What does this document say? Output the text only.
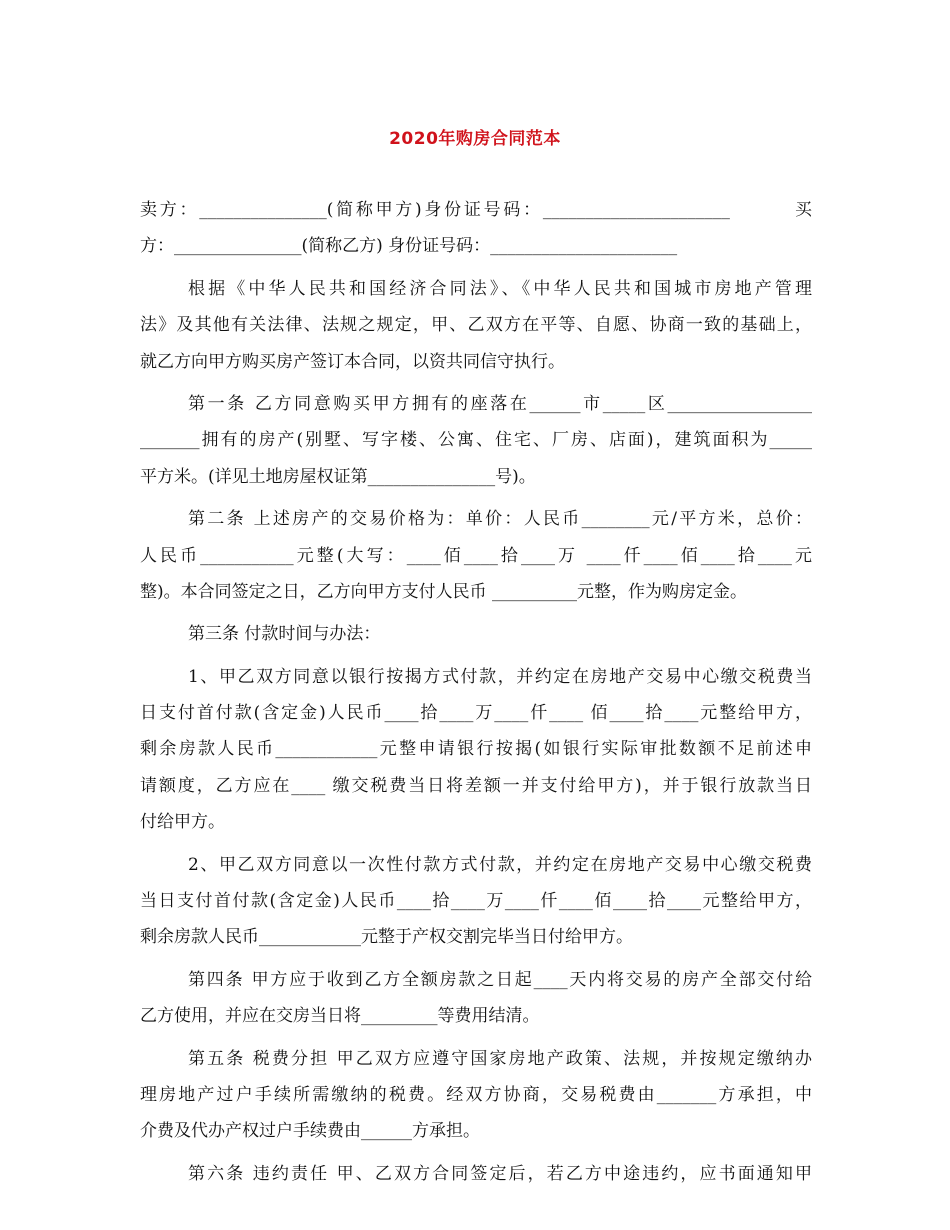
2020年购房合同范本
卖方：_______________(简称甲方)身份证号码：______________________        买
方：_______________(简称乙方) 身份证号码：______________________
根据《中华人民共和国经济合同法》、《中华人民共和国城市房地产管理
法》及其他有关法律、法规之规定，甲、乙双方在平等、自愿、协商一致的基础上，
就乙方向甲方购买房产签订本合同，以资共同信守执行。
第一条 乙方同意购买甲方拥有的座落在______市_____区_________________
_______拥有的房产(别墅、写字楼、公寓、住宅、厂房、店面)，建筑面积为_____
平方米。(详见土地房屋权证第_______________号)。
第二条 上述房产的交易价格为：单价：人民币________元/平方米，总价：
人民币___________元整(大写：____佰____拾____万 ____仟____佰____拾____元
整)。本合同签定之日，乙方向甲方支付人民币 __________元整，作为购房定金。
第三条 付款时间与办法：
1、甲乙双方同意以银行按揭方式付款，并约定在房地产交易中心缴交税费当
日支付首付款(含定金)人民币____拾____万____仟____ 佰____拾____元整给甲方，
剩余房款人民币____________元整申请银行按揭(如银行实际审批数额不足前述申
请额度，乙方应在____ 缴交税费当日将差额一并支付给甲方)，并于银行放款当日
付给甲方。
2、甲乙双方同意以一次性付款方式付款，并约定在房地产交易中心缴交税费
当日支付首付款(含定金)人民币____拾____万____仟____佰____拾____元整给甲方，
剩余房款人民币____________元整于产权交割完毕当日付给甲方。
第四条 甲方应于收到乙方全额房款之日起____天内将交易的房产全部交付给
乙方使用，并应在交房当日将_________等费用结清。
第五条 税费分担 甲乙双方应遵守国家房地产政策、法规，并按规定缴纳办
理房地产过户手续所需缴纳的税费。经双方协商，交易税费由_______方承担，中
介费及代办产权过户手续费由______方承担。
第六条 违约责任 甲、乙双方合同签定后，若乙方中途违约，应书面通知甲
